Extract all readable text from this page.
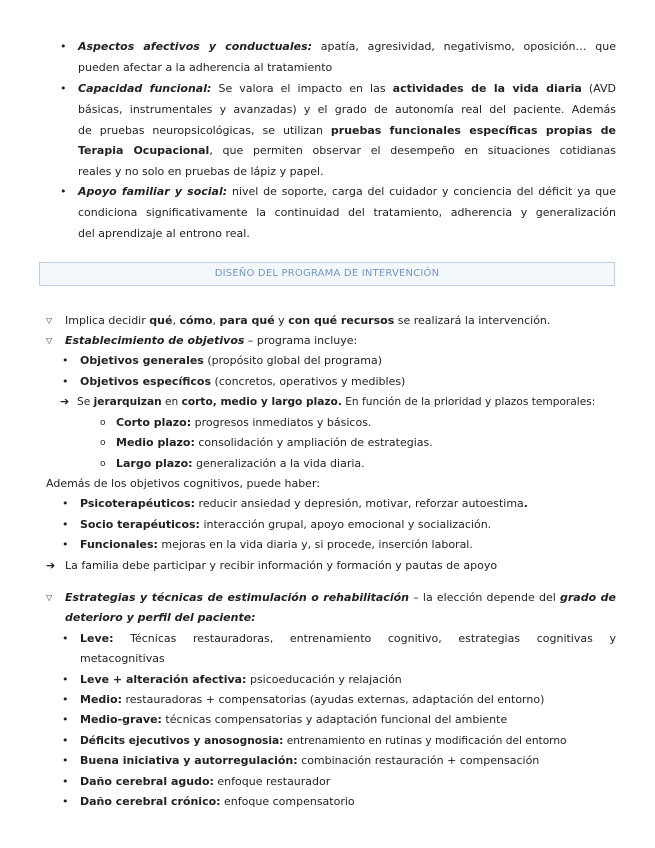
• Aspectos afectivos y conductuales: apatía, agresividad, negativismo, oposición… que
pueden afectar a la adherencia al tratamiento
• Capacidad funcional: Se valora el impacto en las actividades de la vida diaria (AVD
básicas, instrumentales y avanzadas) y el grado de autonomía real del paciente. Además
de pruebas neuropsicológicas, se utilizan pruebas funcionales específicas propias de
Terapia Ocupacional, que permiten observar el desempeño en situaciones cotidianas
reales y no solo en pruebas de lápiz y papel.
• Apoyo familiar y social: nivel de soporte, carga del cuidador y conciencia del déficit ya que
condiciona significativamente la continuidad del tratamiento, adherencia y generalización
del aprendizaje al entrono real.
DISEÑO DEL PROGRAMA DE INTERVENCIÓN
▽ Implica decidir qué, cómo, para qué y con qué recursos se realizará la intervención.
▽ Establecimiento de objetivos – programa incluye:
• Objetivos generales (propósito global del programa)
• Objetivos específicos (concretos, operativos y medibles)
➔ Se jerarquizan en corto, medio y largo plazo. En función de la prioridad y plazos temporales:
o Corto plazo: progresos inmediatos y básicos.
o Medio plazo: consolidación y ampliación de estrategias.
o Largo plazo: generalización a la vida diaria.
Además de los objetivos cognitivos, puede haber:
• Psicoterapéuticos: reducir ansiedad y depresión, motivar, reforzar autoestima.
• Socio terapéuticos: interacción grupal, apoyo emocional y socialización.
• Funcionales: mejoras en la vida diaria y, si procede, inserción laboral.
➔ La familia debe participar y recibir información y formación y pautas de apoyo
▽ Estrategias y técnicas de estimulación o rehabilitación – la elección depende del grado de
deterioro y perfil del paciente:
• Leve: Técnicas restauradoras, entrenamiento cognitivo, estrategias cognitivas y
metacognitivas
• Leve + alteración afectiva: psicoeducación y relajación
• Medio: restauradoras + compensatorias (ayudas externas, adaptación del entorno)
• Medio-grave: técnicas compensatorias y adaptación funcional del ambiente
• Déficits ejecutivos y anosognosia: entrenamiento en rutinas y modificación del entorno
• Buena iniciativa y autorregulación: combinación restauración + compensación
• Daño cerebral agudo: enfoque restaurador
• Daño cerebral crónico: enfoque compensatorio
